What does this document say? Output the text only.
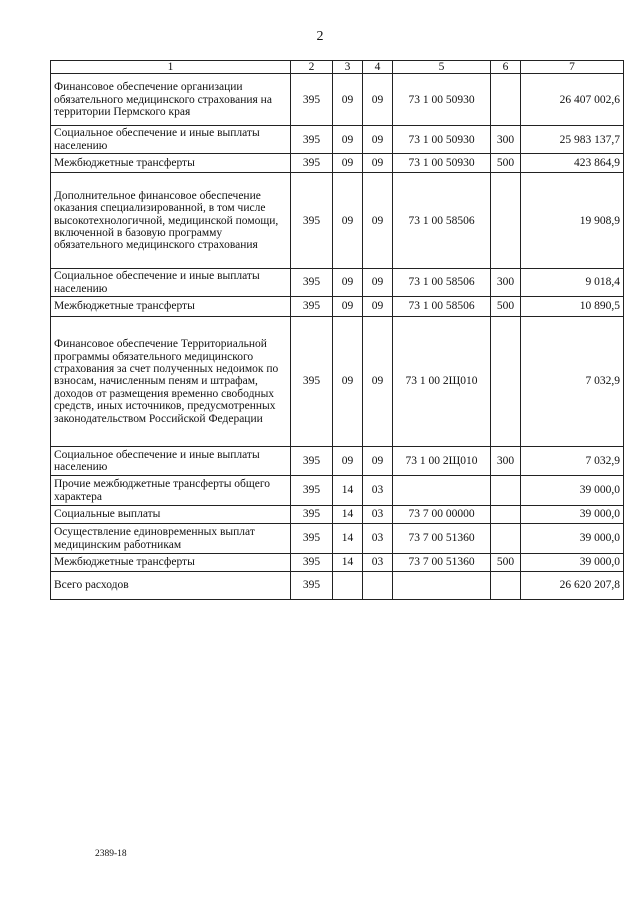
2
1	2	3	4	5	6	7
Финансовое обеспечение организации обязательного медицинского страхования на территории Пермского края	395	09	09	73 1 00 50930		26 407 002,6
Социальное обеспечение и иные выплаты населению	395	09	09	73 1 00 50930	300	25 983 137,7
Межбюджетные трансферты	395	09	09	73 1 00 50930	500	423 864,9
Дополнительное финансовое обеспечение оказания специализированной, в том числе высокотехнологичной, медицинской помощи, включенной в базовую программу обязательного медицинского страхования	395	09	09	73 1 00 58506		19 908,9
Социальное обеспечение и иные выплаты населению	395	09	09	73 1 00 58506	300	9 018,4
Межбюджетные трансферты	395	09	09	73 1 00 58506	500	10 890,5
Финансовое обеспечение Территориальной программы обязательного медицинского страхования за счет полученных недоимок по взносам, начисленным пеням и штрафам, доходов от размещения временно свободных средств, иных источников, предусмотренных законодательством Российской Федерации	395	09	09	73 1 00 2Щ010		7 032,9
Социальное обеспечение и иные выплаты населению	395	09	09	73 1 00 2Щ010	300	7 032,9
Прочие межбюджетные трансферты общего характера	395	14	03			39 000,0
Социальные выплаты	395	14	03	73 7 00 00000		39 000,0
Осуществление единовременных выплат медицинским работникам	395	14	03	73 7 00 51360		39 000,0
Межбюджетные трансферты	395	14	03	73 7 00 51360	500	39 000,0
Всего расходов	395					26 620 207,8
2389-18
